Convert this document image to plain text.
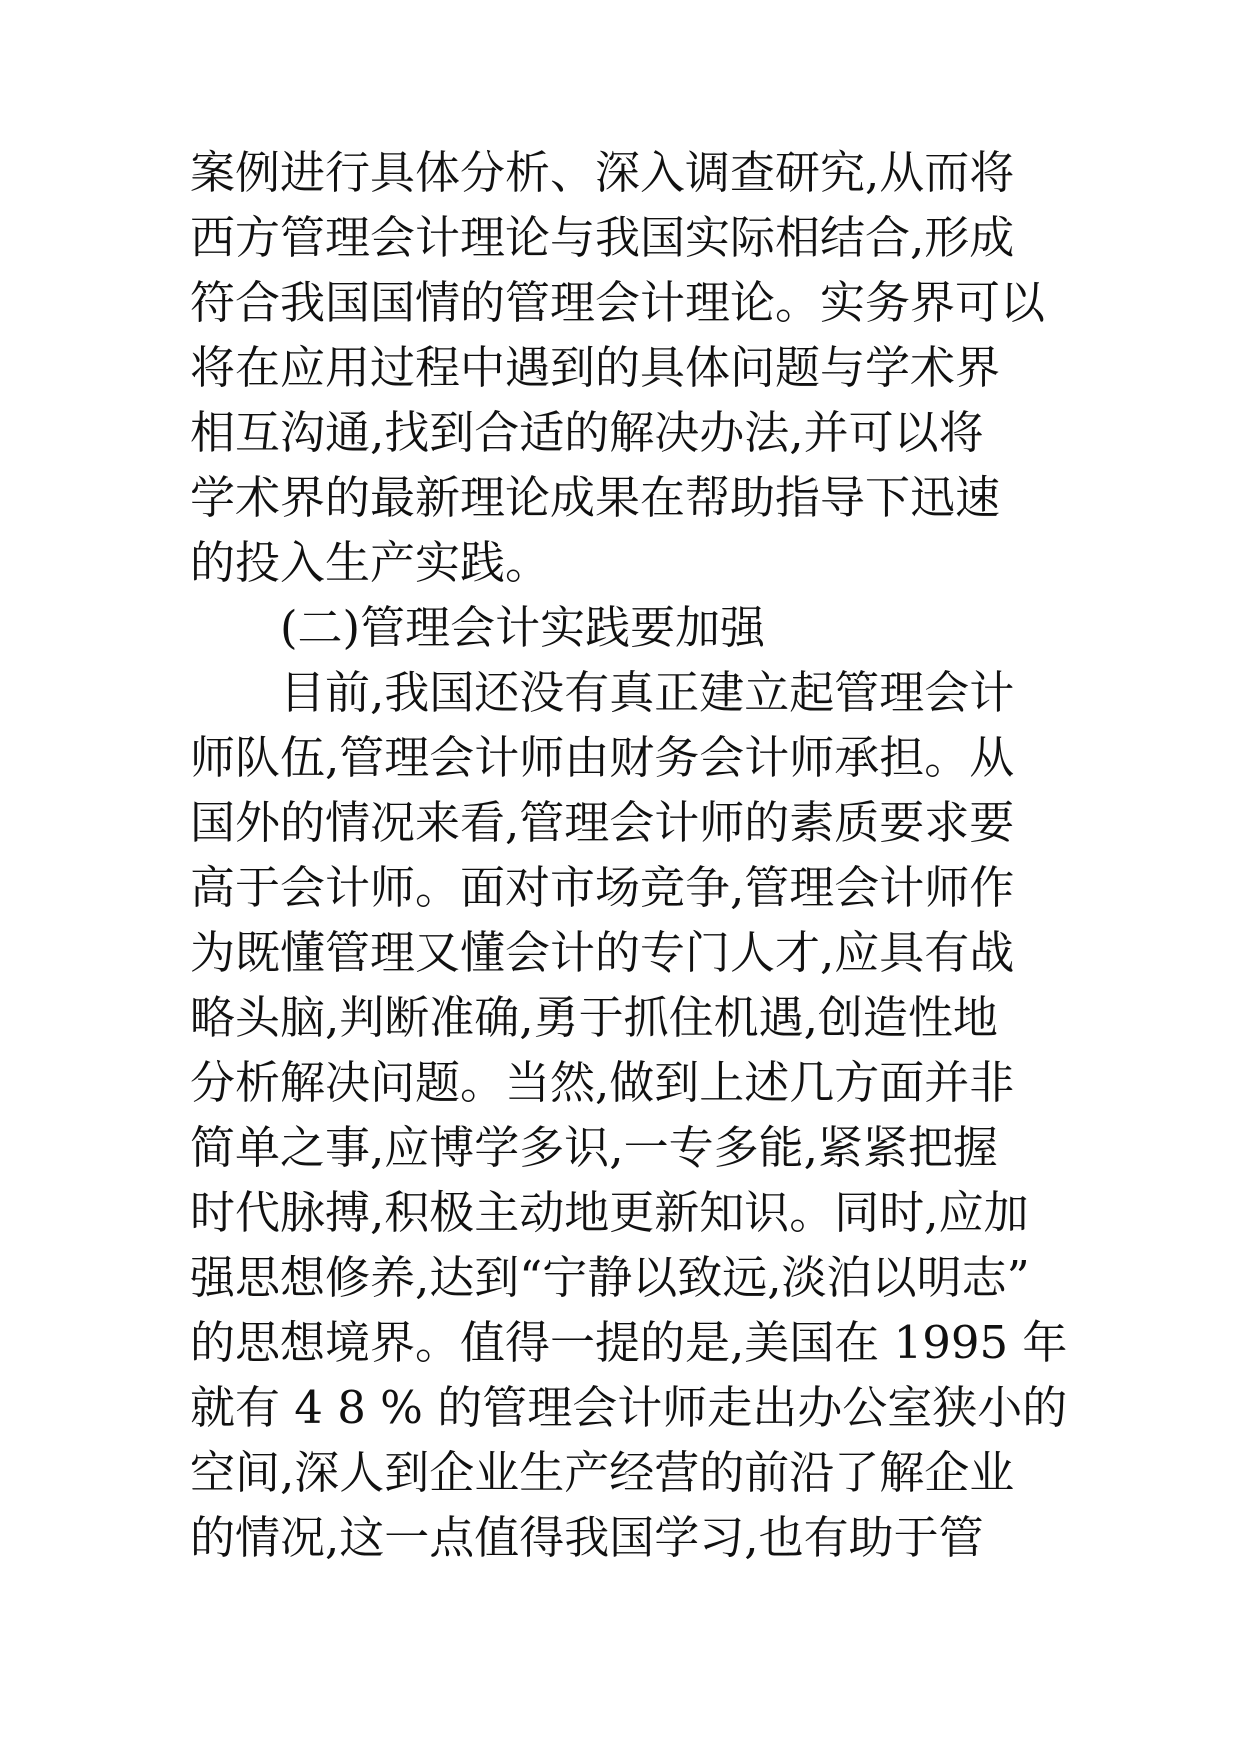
案例进行具体分析、深入调查研究,从而将
西方管理会计理论与我国实际相结合,形成
符合我国国情的管理会计理论。实务界可以
将在应用过程中遇到的具体问题与学术界
相互沟通,找到合适的解决办法,并可以将
学术界的最新理论成果在帮助指导下迅速
的投入生产实践。
(二)管理会计实践要加强
目前,我国还没有真正建立起管理会计
师队伍,管理会计师由财务会计师承担。从
国外的情况来看,管理会计师的素质要求要
高于会计师。面对市场竞争,管理会计师作
为既懂管理又懂会计的专门人才,应具有战
略头脑,判断准确,勇于抓住机遇,创造性地
分析解决问题。当然,做到上述几方面并非
简单之事,应博学多识,一专多能,紧紧把握
时代脉搏,积极主动地更新知识。同时,应加
强思想修养,达到“宁静以致远,淡泊以明志”
的思想境界。值得一提的是,美国在 1995 年
就有 4 8 % 的管理会计师走出办公室狭小的
空间,深人到企业生产经营的前沿了解企业
的情况,这一点值得我国学习,也有助于管
